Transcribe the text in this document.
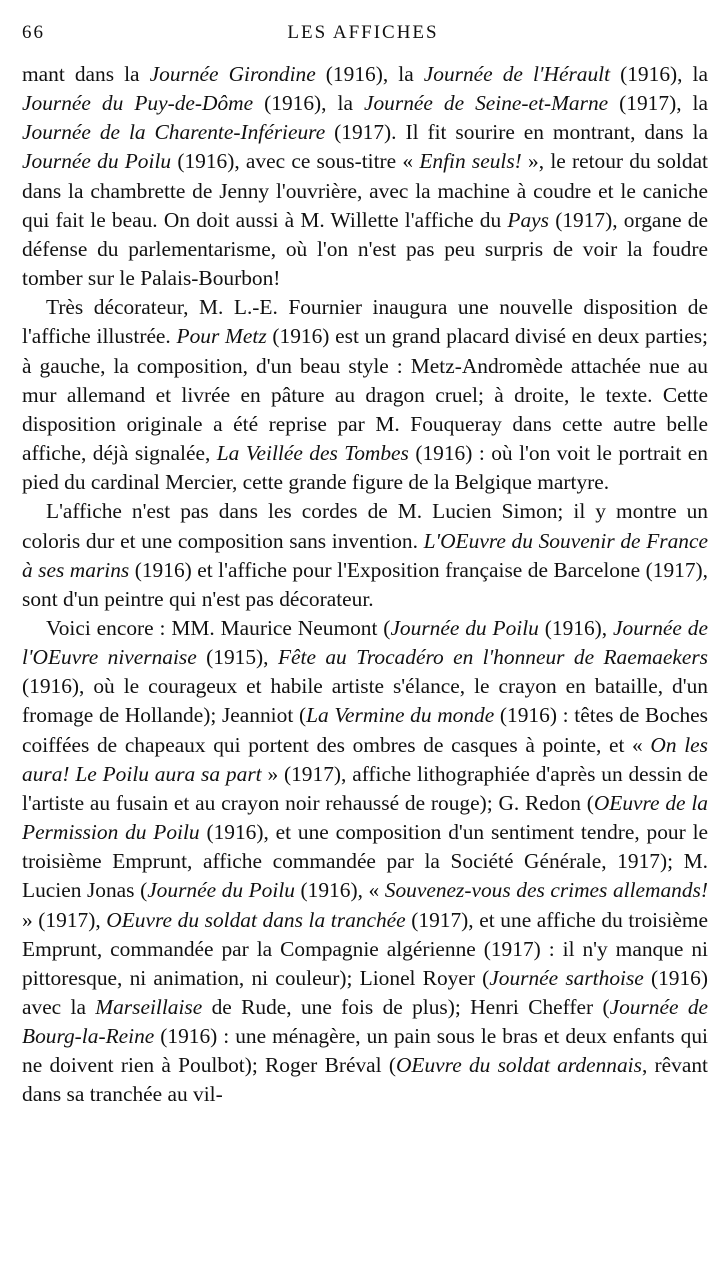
66	LES AFFICHES

mant dans la Journée Girondine (1916), la Journée de l'Hérault (1916), la Journée du Puy-de-Dôme (1916), la Journée de Seine-et-Marne (1917), la Journée de la Charente-Inférieure (1917). Il fit sourire en montrant, dans la Journée du Poilu (1916), avec ce sous-titre « Enfin seuls! », le retour du soldat dans la chambrette de Jenny l'ouvrière, avec la machine à coudre et le caniche qui fait le beau. On doit aussi à M. Willette l'affiche du Pays (1917), organe de défense du parlementarisme, où l'on n'est pas peu surpris de voir la foudre tomber sur le Palais-Bourbon!

Très décorateur, M. L.-E. Fournier inaugura une nouvelle disposition de l'affiche illustrée. Pour Metz (1916) est un grand placard divisé en deux parties; à gauche, la composition, d'un beau style : Metz-Andromède attachée nue au mur allemand et livrée en pâture au dragon cruel; à droite, le texte. Cette disposition originale a été reprise par M. Fouqueray dans cette autre belle affiche, déjà signalée, La Veillée des Tombes (1916) : où l'on voit le portrait en pied du cardinal Mercier, cette grande figure de la Belgique martyre.

L'affiche n'est pas dans les cordes de M. Lucien Simon; il y montre un coloris dur et une composition sans invention. L'OEuvre du Souvenir de France à ses marins (1916) et l'affiche pour l'Exposition française de Barcelone (1917), sont d'un peintre qui n'est pas décorateur.

Voici encore : MM. Maurice Neumont (Journée du Poilu (1916), Journée de l'OEuvre nivernaise (1915), Fête au Trocadéro en l'honneur de Raemaekers (1916), où le courageux et habile artiste s'élance, le crayon en bataille, d'un fromage de Hollande); Jeanniot (La Vermine du monde (1916) : têtes de Boches coiffées de chapeaux qui portent des ombres de casques à pointe, et « On les aura! Le Poilu aura sa part » (1917), affiche lithographiée d'après un dessin de l'artiste au fusain et au crayon noir rehaussé de rouge); G. Redon (OEuvre de la Permission du Poilu (1916), et une composition d'un sentiment tendre, pour le troisième Emprunt, affiche commandée par la Société Générale, 1917); M. Lucien Jonas (Journée du Poilu (1916), « Souvenez-vous des crimes allemands! » (1917), OEuvre du soldat dans la tranchée (1917), et une affiche du troisième Emprunt, commandée par la Compagnie algérienne (1917) : il n'y manque ni pittoresque, ni animation, ni couleur); Lionel Royer (Journée sarthoise (1916) avec la Marseillaise de Rude, une fois de plus); Henri Cheffer (Journée de Bourg-la-Reine (1916) : une ménagère, un pain sous le bras et deux enfants qui ne doivent rien à Poulbot); Roger Bréval (OEuvre du soldat ardennais, rêvant dans sa tranchée au vil-
